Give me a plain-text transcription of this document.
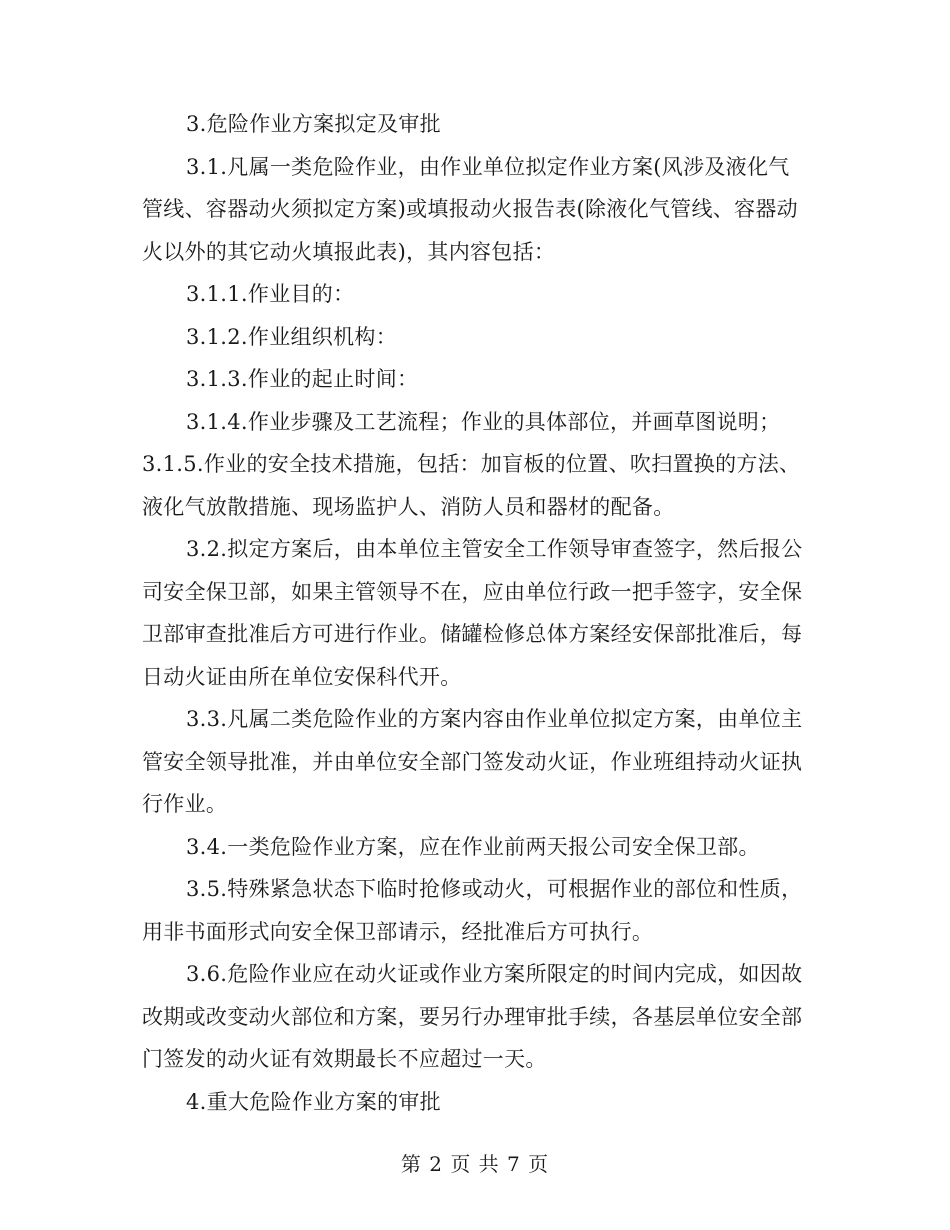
3.危险作业方案拟定及审批

3.1.凡属一类危险作业，由作业单位拟定作业方案(风涉及液化气管线、容器动火须拟定方案)或填报动火报告表(除液化气管线、容器动火以外的其它动火填报此表)，其内容包括：

3.1.1.作业目的：

3.1.2.作业组织机构：

3.1.3.作业的起止时间：

3.1.4.作业步骤及工艺流程；作业的具体部位，并画草图说明；

3.1.5.作业的安全技术措施，包括：加盲板的位置、吹扫置换的方法、液化气放散措施、现场监护人、消防人员和器材的配备。

3.2.拟定方案后，由本单位主管安全工作领导审查签字，然后报公司安全保卫部，如果主管领导不在，应由单位行政一把手签字，安全保卫部审查批准后方可进行作业。储罐检修总体方案经安保部批准后，每日动火证由所在单位安保科代开。

3.3.凡属二类危险作业的方案内容由作业单位拟定方案，由单位主管安全领导批准，并由单位安全部门签发动火证，作业班组持动火证执行作业。

3.4.一类危险作业方案，应在作业前两天报公司安全保卫部。

3.5.特殊紧急状态下临时抢修或动火，可根据作业的部位和性质，用非书面形式向安全保卫部请示，经批准后方可执行。

3.6.危险作业应在动火证或作业方案所限定的时间内完成，如因故改期或改变动火部位和方案，要另行办理审批手续，各基层单位安全部门签发的动火证有效期最长不应超过一天。

4.重大危险作业方案的审批

第 2 页 共 7 页
